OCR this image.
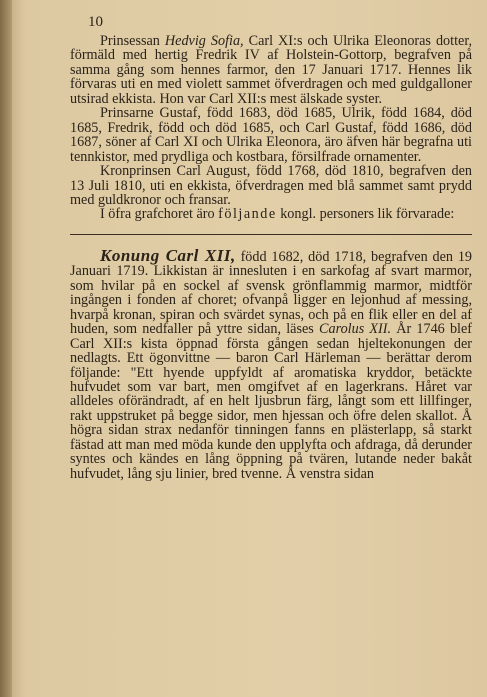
10

Prinsessan Hedvig Sofia, Carl XI:s och Ulrika Eleonoras dotter, förmäld med hertig Fredrik IV af Holstein-Gottorp, begrafven på samma gång som hennes farmor, den 17 Januari 1717. Hennes lik förvaras uti en med violett sammet öfverdragen och med guldgalloner utsirad ekkista. Hon var Carl XII:s mest älskade syster.

Prinsarne Gustaf, född 1683, död 1685, Ulrik, född 1684, död 1685, Fredrik, född och död 1685, och Carl Gustaf, född 1686, död 1687, söner af Carl XI och Ulrika Eleonora, äro äfven här begrafna uti tennkistor, med prydliga och kostbara, försilfrade ornamenter.

Kronprinsen Carl August, född 1768, död 1810, begrafven den 13 Juli 1810, uti en ekkista, öfverdragen med blå sammet samt prydd med guldkronor och fransar.

I öfra grafchoret äro följande kongl. personers lik förvarade:

Konung Carl XII, född 1682, död 1718, begrafven den 19 Januari 1719. Likkistan är innesluten i en sarkofag af svart marmor, som hvilar på en sockel af svensk grönflammig marmor, midtför ingången i fonden af choret; ofvanpå ligger en lejonhud af messing, hvarpå kronan, spiran och svärdet synas, och på en flik eller en del af huden, som nedfaller på yttre sidan, läses Carolus XII. År 1746 blef Carl XII:s kista öppnad första gången sedan hjeltekonungen der nedlagts. Ett ögonvittne — baron Carl Härleman — berättar derom följande: "Ett hyende uppfyldt af aromatiska kryddor, betäckte hufvudet som var bart, men omgifvet af en lagerkrans. Håret var alldeles oförändradt, af en helt ljusbrun färg, långt som ett lillfinger, rakt uppstruket på begge sidor, men hjessan och öfre delen skallot. Å högra sidan strax nedanför tinningen fanns en plästerlapp, så starkt fästad att man med möda kunde den upplyfta och afdraga, då derunder syntes och kändes en lång öppning på tvären, lutande neder bakåt hufvudet, lång sju linier, bred tvenne. Å venstra sidan
